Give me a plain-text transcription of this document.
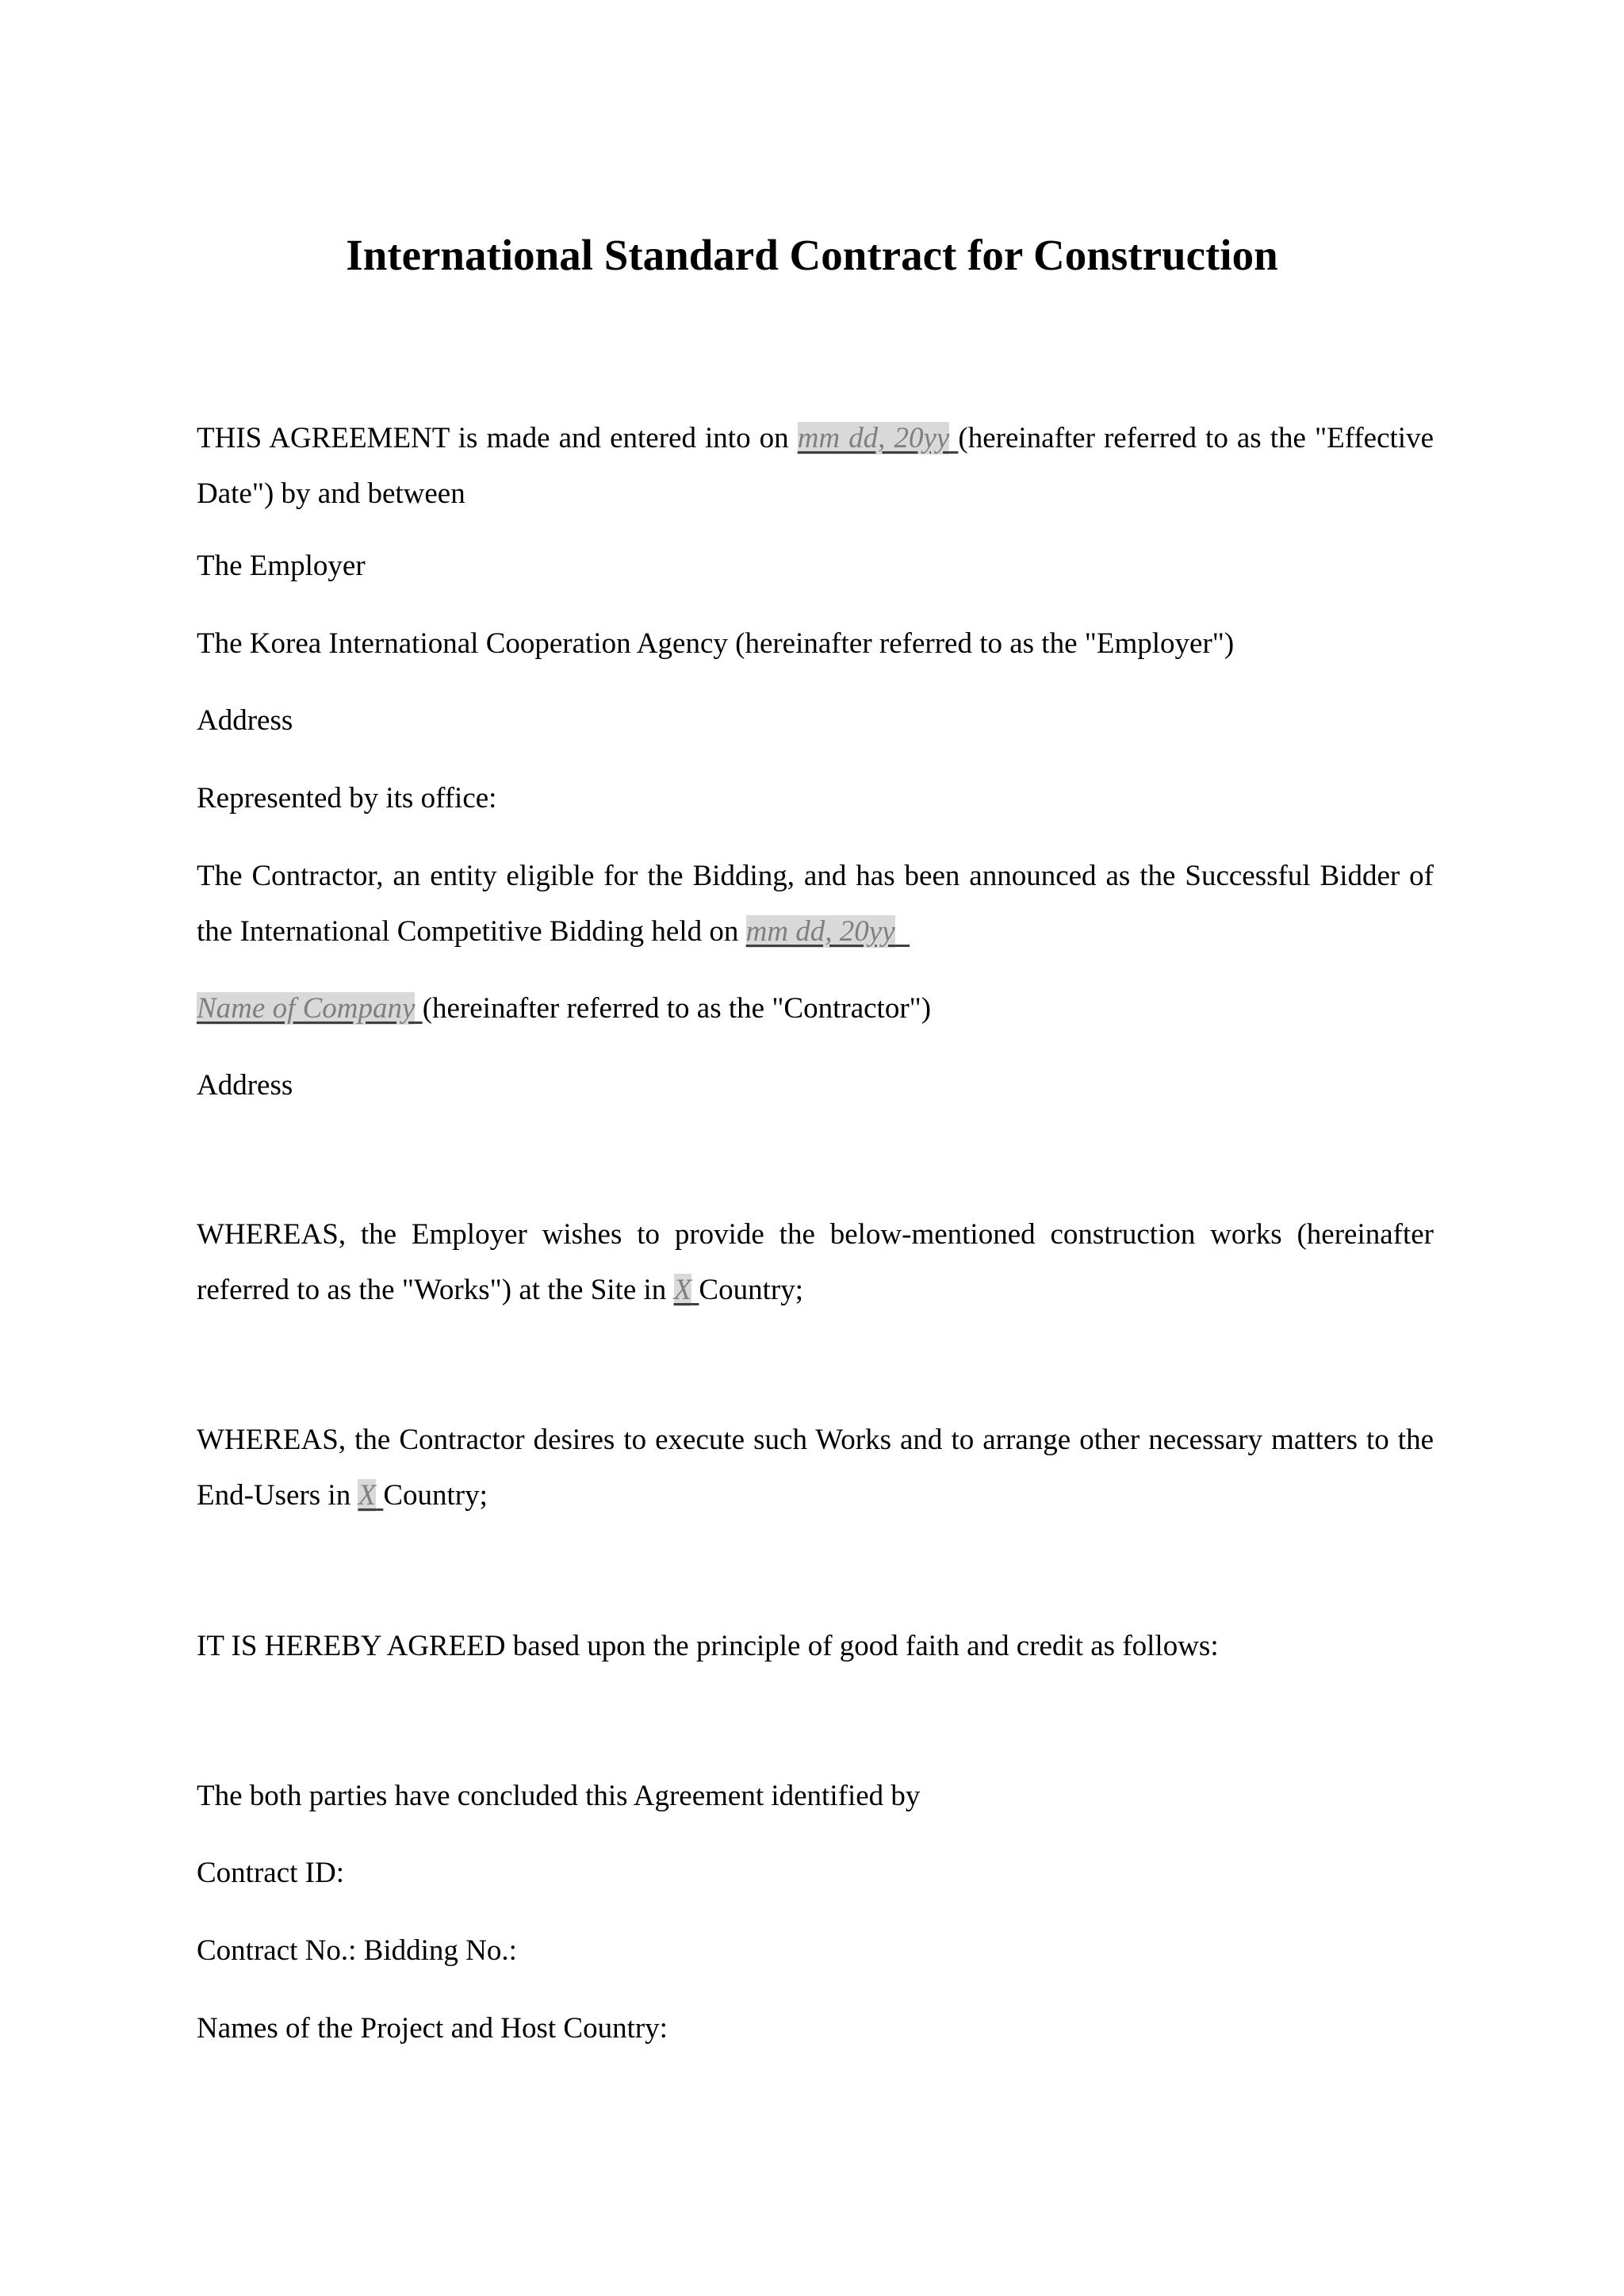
International Standard Contract for Construction

THIS AGREEMENT is made and entered into on mm dd, 20yy (hereinafter referred to as the "Effective Date") by and between

The Employer

The Korea International Cooperation Agency (hereinafter referred to as the "Employer")

Address

Represented by its office:

The Contractor, an entity eligible for the Bidding, and has been announced as the Successful Bidder of the International Competitive Bidding held on mm dd, 20yy

Name of Company (hereinafter referred to as the "Contractor")

Address

WHEREAS, the Employer wishes to provide the below-mentioned construction works (hereinafter referred to as the "Works") at the Site in X Country;

WHEREAS, the Contractor desires to execute such Works and to arrange other necessary matters to the End-Users in X Country;

IT IS HEREBY AGREED based upon the principle of good faith and credit as follows:

The both parties have concluded this Agreement identified by

Contract ID:

Contract No.: Bidding No.:

Names of the Project and Host Country:
